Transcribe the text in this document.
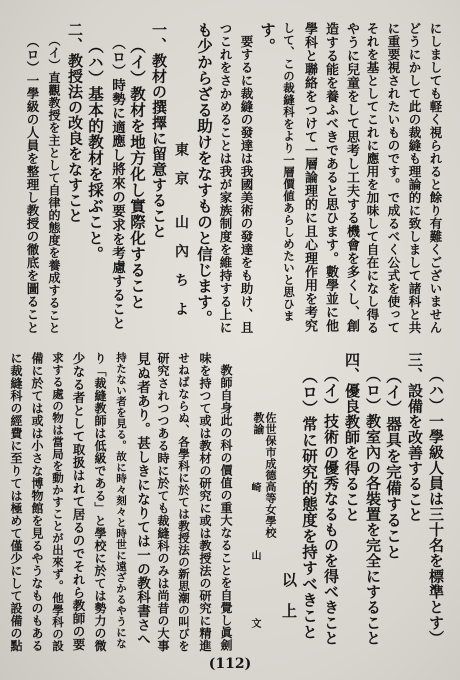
にしましても軽く視られると餘り有難くございません
どうにかして此の裁縫も理論的に致しまして諸科と共
に重要視されたいものです。で成るべく公式を使って
それを基としてこれに應用を加味して自在になし得る
やうに兒童をして思考し工夫する機會を多くし、創
造する能を養ふべきであると思ひます。數學並に他
學科と聯絡をつけて一層論理的に且心理作用を考究
して、この裁縫科をより一層價値あらしめたいと思ひま
す。
要するに裁縫の發達は我國美術の發達をも助け、且
つこれをさかめることは我が家族制度を維持する上に
も少からざる助けをなすものと信じます。
東　京　　山　內　ち　よ
一、教材の撰擇に留意すること
（イ）教材を地方化し實際化すること
（ロ）時勢に適應し將來の要求を考慮すること
（ハ）基本的教材を採ぶこと。
二、教授法の改良をなすこと
（イ）直觀教授を主として自律的態度を養成すること
（ロ）一學級の人員を整理し教授の徹底を圖ること
（ハ）一學級人員は三十名を標準とす）
三、設備を改善すること
（イ）器具を完備すること
（ロ）教室內の各裝置を完全にすること
四、優良教師を得ること
（イ）技術の優秀なるものを得べきこと
（ロ）常に研究的態度を持すべきこと
以　上
佐世保市成德高等女學校
教諭
崎　山　文
教師自身此の科の價值の重大なることを自覺し眞劍
味を持つて或は教材の研究に或は教授法の研究に精進
せねばならぬ、各學科に於ては教授法の新思潮の叫びを
研究されつつある時に於ても裁縫科のみは尚昔の大事
見ぬ者あり。甚しきになりては一の教科書さへ
持たない者を見る。故に時々刻々と時世に遠ざかるやうにな
り「裁縫教師は低級である」と學校に於ては勢力の微
少なる者として取扱はれて居るのでそれら教師の要
求する處の物は當局を動かすことが出來ず。他學科の設
備に於ては或は小さな博物館を見るやうなものもある
に裁縫科の經費に至りては極めて僅少にして設備の點
(112)
